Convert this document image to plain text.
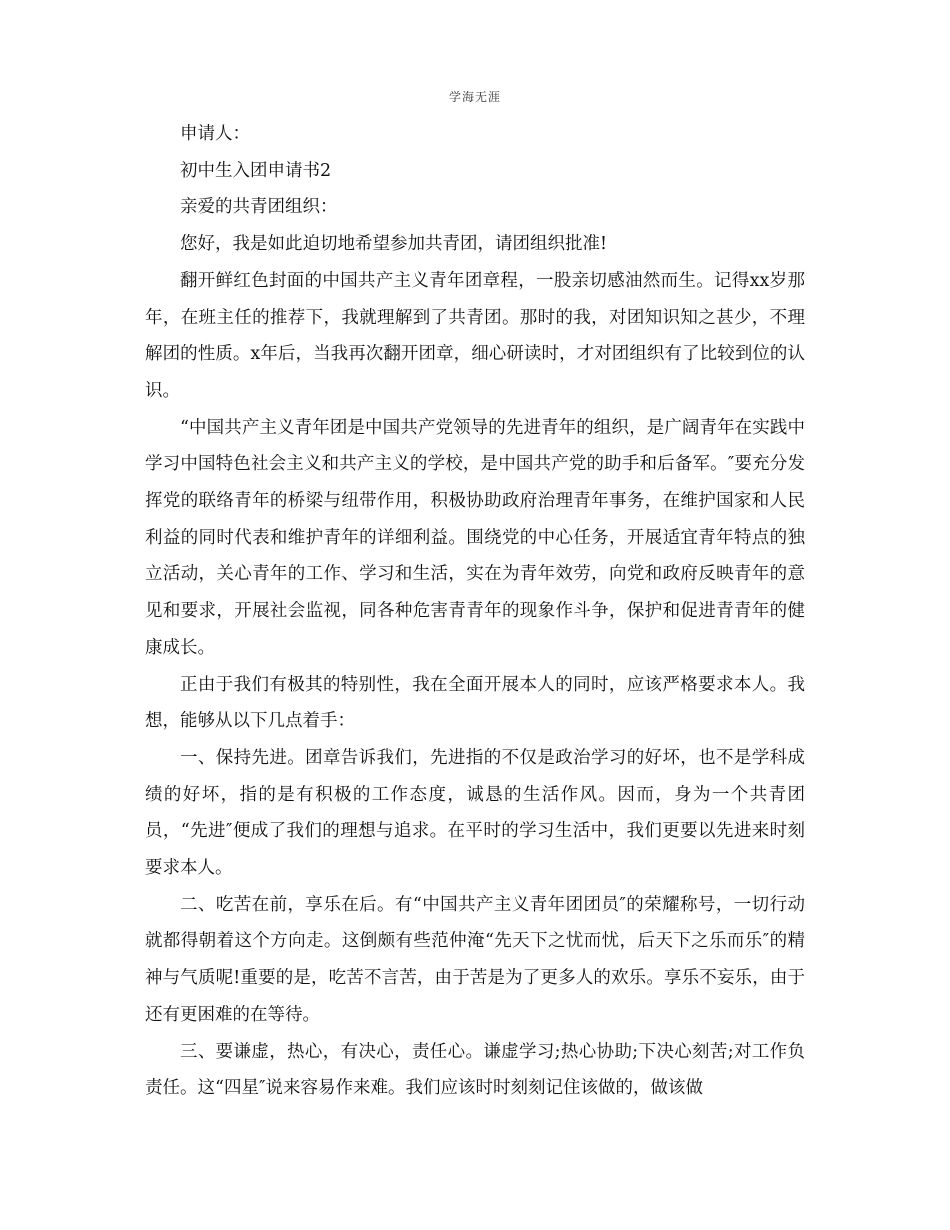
学海无涯

申请人：

初中生入团申请书2

亲爱的共青团组织：

您好，我是如此迫切地希望参加共青团，请团组织批准!

翻开鲜红色封面的中国共产主义青年团章程，一股亲切感油然而生。记得xx岁那年，在班主任的推荐下，我就理解到了共青团。那时的我，对团知识知之甚少，不理解团的性质。x年后，当我再次翻开团章，细心研读时，才对团组织有了比较到位的认识。

“中国共产主义青年团是中国共产党领导的先进青年的组织，是广阔青年在实践中学习中国特色社会主义和共产主义的学校，是中国共产党的助手和后备军。″要充分发挥党的联络青年的桥梁与纽带作用，积极协助政府治理青年事务，在维护国家和人民利益的同时代表和维护青年的详细利益。围绕党的中心任务，开展适宜青年特点的独立活动，关心青年的工作、学习和生活，实在为青年效劳，向党和政府反映青年的意见和要求，开展社会监视，同各种危害青青年的现象作斗争，保护和促进青青年的健康成长。

正由于我们有极其的特别性，我在全面开展本人的同时，应该严格要求本人。我想，能够从以下几点着手：

一、保持先进。团章告诉我们，先进指的不仅是政治学习的好坏，也不是学科成绩的好坏，指的是有积极的工作态度，诚恳的生活作风。因而，身为一个共青团员，“先进″便成了我们的理想与追求。在平时的学习生活中，我们更要以先进来时刻要求本人。

二、吃苦在前，享乐在后。有“中国共产主义青年团团员″的荣耀称号，一切行动就都得朝着这个方向走。这倒颇有些范仲淹“先天下之忧而忧，后天下之乐而乐″的精神与气质呢!重要的是，吃苦不言苦，由于苦是为了更多人的欢乐。享乐不妄乐，由于还有更困难的在等待。

三、要谦虚，热心，有决心，责任心。谦虚学习;热心协助;下决心刻苦;对工作负责任。这“四星″说来容易作来难。我们应该时时刻刻记住该做的，做该做
